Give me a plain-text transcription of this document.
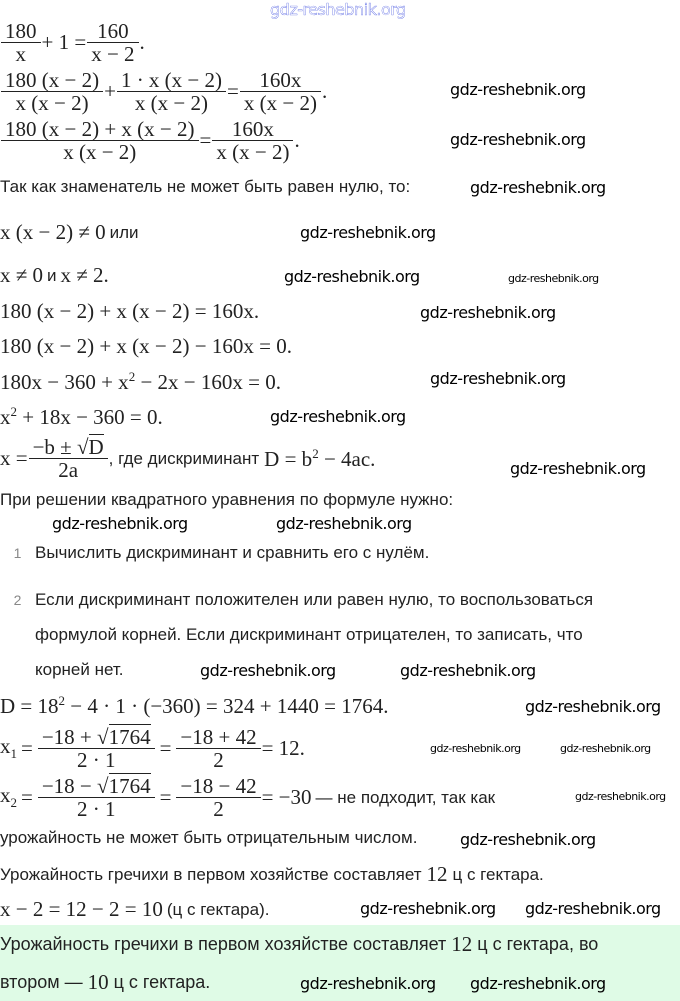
$\frac{180}{x} + 1 = \frac{160}{x - 2}$ .
$\frac{180 (x - 2)}{x (x - 2)} + \frac{1 \cdot x (x - 2)}{x (x - 2)} = \frac{160x}{x (x - 2)}$ .
$\frac{180 (x - 2) + x (x - 2)}{x (x - 2)} = \frac{160x}{x (x - 2)}$ .
Так как знаменатель не может быть равен нулю, то:
x (x − 2) ≠ 0 или
x ≠ 0 и x ≠ 2.
180 (x − 2) + x (x − 2) = 160x.
180 (x − 2) + x (x − 2) − 160x = 0.
$180x - 360 + x^2 - 2x - 160x = 0$.
$x^2 + 18x - 360 = 0$.
$x = \frac{-b \pm √D}{2a}$ , где дискриминант $D = b^2 - 4ac$.
При решении квадратного уравнения по формуле нужно:
1 Вычислить дискриминант и сравнить его с нулём.
2 Если дискриминант положителен или равен нулю, то воспользоваться
формулой корней. Если дискриминант отрицателен, то записать, что
корней нет.
$D = 18^2 - 4 \cdot 1 \cdot (-360) = 324 + 1440 = 1764$.
$x_1 = \frac{-18 + √1764}{2 \cdot 1} = \frac{-18 + 42}{2} = 12$.
$x_2 = \frac{-18 - √1764}{2 \cdot 1} = \frac{-18 - 42}{2} = -30$ — не подходит, так как
урожайность не может быть отрицательным числом.
Урожайность гречихи в первом хозяйстве составляет 12 ц с гектара.
x − 2 = 12 − 2 = 10 (ц с гектара).
Урожайность гречихи в первом хозяйстве составляет 12 ц с гектара, во
втором — 10 ц с гектара.
gdz-reshebnik.org
gdz-reshebnik.org
gdz-reshebnik.org
gdz-reshebnik.org
gdz-reshebnik.org
gdz-reshebnik.org	gdz-reshebnik.org
gdz-reshebnik.org
gdz-reshebnik.org
gdz-reshebnik.org
gdz-reshebnik.org
gdz-reshebnik.org	gdz-reshebnik.org
gdz-reshebnik.org	gdz-reshebnik.org
gdz-reshebnik.org
gdz-reshebnik.org	gdz-reshebnik.org
gdz-reshebnik.org
gdz-reshebnik.org
gdz-reshebnik.org
gdz-reshebnik.org
gdz-reshebnik.org
gdz-reshebnik.org
